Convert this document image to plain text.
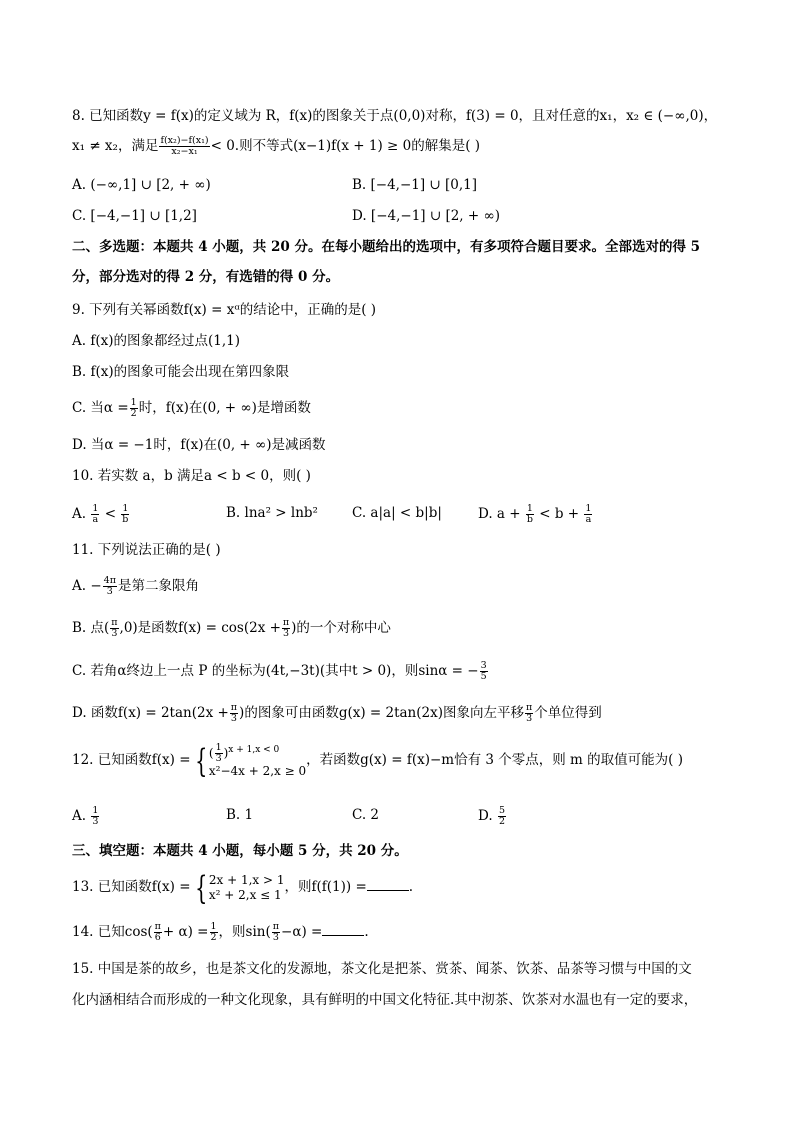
8. 已知函数y = f(x)的定义域为 R，f(x)的图象关于点(0,0)对称，f(3) = 0，且对任意的x₁，x₂ ∈ (−∞,0)，
x₁ ≠ x₂，满足 $\frac{\text{f(x₂)−f(x₁)}}{\text{x₂−x₁}} < 0$.则不等式(x−1)f(x + 1) ≥ 0的解集是( )
A. (−∞,1] ∪ [2, + ∞)	B. [−4,−1] ∪ [0,1]
C. [−4,−1] ∪ [1,2]	D. [−4,−1] ∪ [2, + ∞)
二、多选题：本题共 4 小题，共 20 分。在每小题给出的选项中，有多项符合题目要求。全部选对的得 5
分，部分选对的得 2 分，有选错的得 0 分。
9. 下列有关幂函数f(x) = xᵅ的结论中，正确的是( )
A. f(x)的图象都经过点(1,1)
B. f(x)的图象可能会出现在第四象限
C. 当$\alpha = \frac{1}{2}$ 时，f(x)在(0, + ∞)是增函数
D. 当α = −1时，f(x)在(0, + ∞)是减函数
10. 若实数 a，b 满足a < b < 0，则( )
A. $\frac{1}{a} < \frac{1}{b}$	B. lna² > lnb²	C. a|a| < b|b|	D. $a + \frac{1}{b} < b + \frac{1}{a}$
11. 下列说法正确的是( )
A. − $\frac{4\pi}{3}$ 是第二象限角
B. 点( $\frac{\pi}{3} ,0$)是函数$f(x) = \cos(2x + \frac{\pi}{3}$ )的一个对称中心
C. 若角α终边上一点 P 的坐标为(4t,−3t)(其中t > 0)，则sinα = − $\frac{3}{5}$
D. 函数$f(x) = 2\tan(2x + \frac{\pi}{3}$ )的图象可由函数g(x) = 2tan(2x)图象向左平移 $\frac{\pi}{3}$ 个单位得到
12. 已知函数f(x) = { ( $\frac{1}{3} )^{x + 1,x < 0}$
x²−4x + 2,x ≥ 0
，若函数g(x) = f(x)−m恰有 3 个零点，则 m 的取值可能为( )
A. $\frac{1}{3}$	B. 1	C. 2	D. $\frac{5}{2}$
三、填空题：本题共 4 小题，每小题 5 分，共 20 分。
13. 已知函数f(x) = { 2x + 1,x > 1
x² + 2,x ≤ 1 ，则f(f(1)) =	.
14. 已知$\cos( \frac{\pi}{6} + \alpha) = \frac{1}{2}$ ，则$\sin( \frac{\pi}{3} -\alpha)$ =	.
15. 中国是茶的故乡，也是茶文化的发源地，茶文化是把茶、赏茶、闻茶、饮茶、品茶等习惯与中国的文
化内涵相结合而形成的一种文化现象，具有鲜明的中国文化特征.其中沏茶、饮茶对水温也有一定的要求，
